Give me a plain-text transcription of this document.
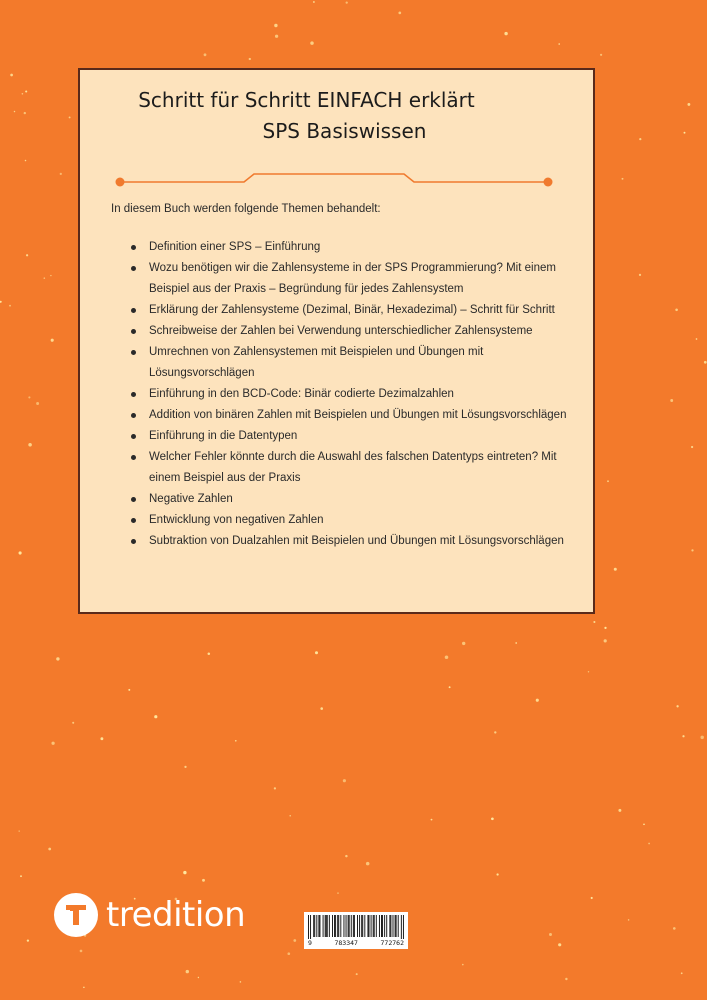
Schritt für Schritt EINFACH erklärt
SPS Basiswissen
In diesem Buch werden folgende Themen behandelt:
Definition einer SPS – Einführung
Wozu benötigen wir die Zahlensysteme in der SPS Programmierung? Mit einem Beispiel aus der Praxis – Begründung für jedes Zahlensystem
Erklärung der Zahlensysteme (Dezimal, Binär, Hexadezimal) – Schritt für Schritt
Schreibweise der Zahlen bei Verwendung unterschiedlicher Zahlensysteme
Umrechnen von Zahlensystemen mit Beispielen und Übungen mit Lösungsvorschlägen
Einführung in den BCD-Code: Binär codierte Dezimalzahlen
Addition von binären Zahlen mit Beispielen und Übungen mit Lösungsvorschlägen
Einführung in die Datentypen
Welcher Fehler könnte durch die Auswahl des falschen Datentyps eintreten? Mit einem Beispiel aus der Praxis
Negative Zahlen
Entwicklung von negativen Zahlen
Subtraktion von Dualzahlen mit Beispielen und Übungen mit Lösungsvorschlägen
tredition
9	783347	772762
